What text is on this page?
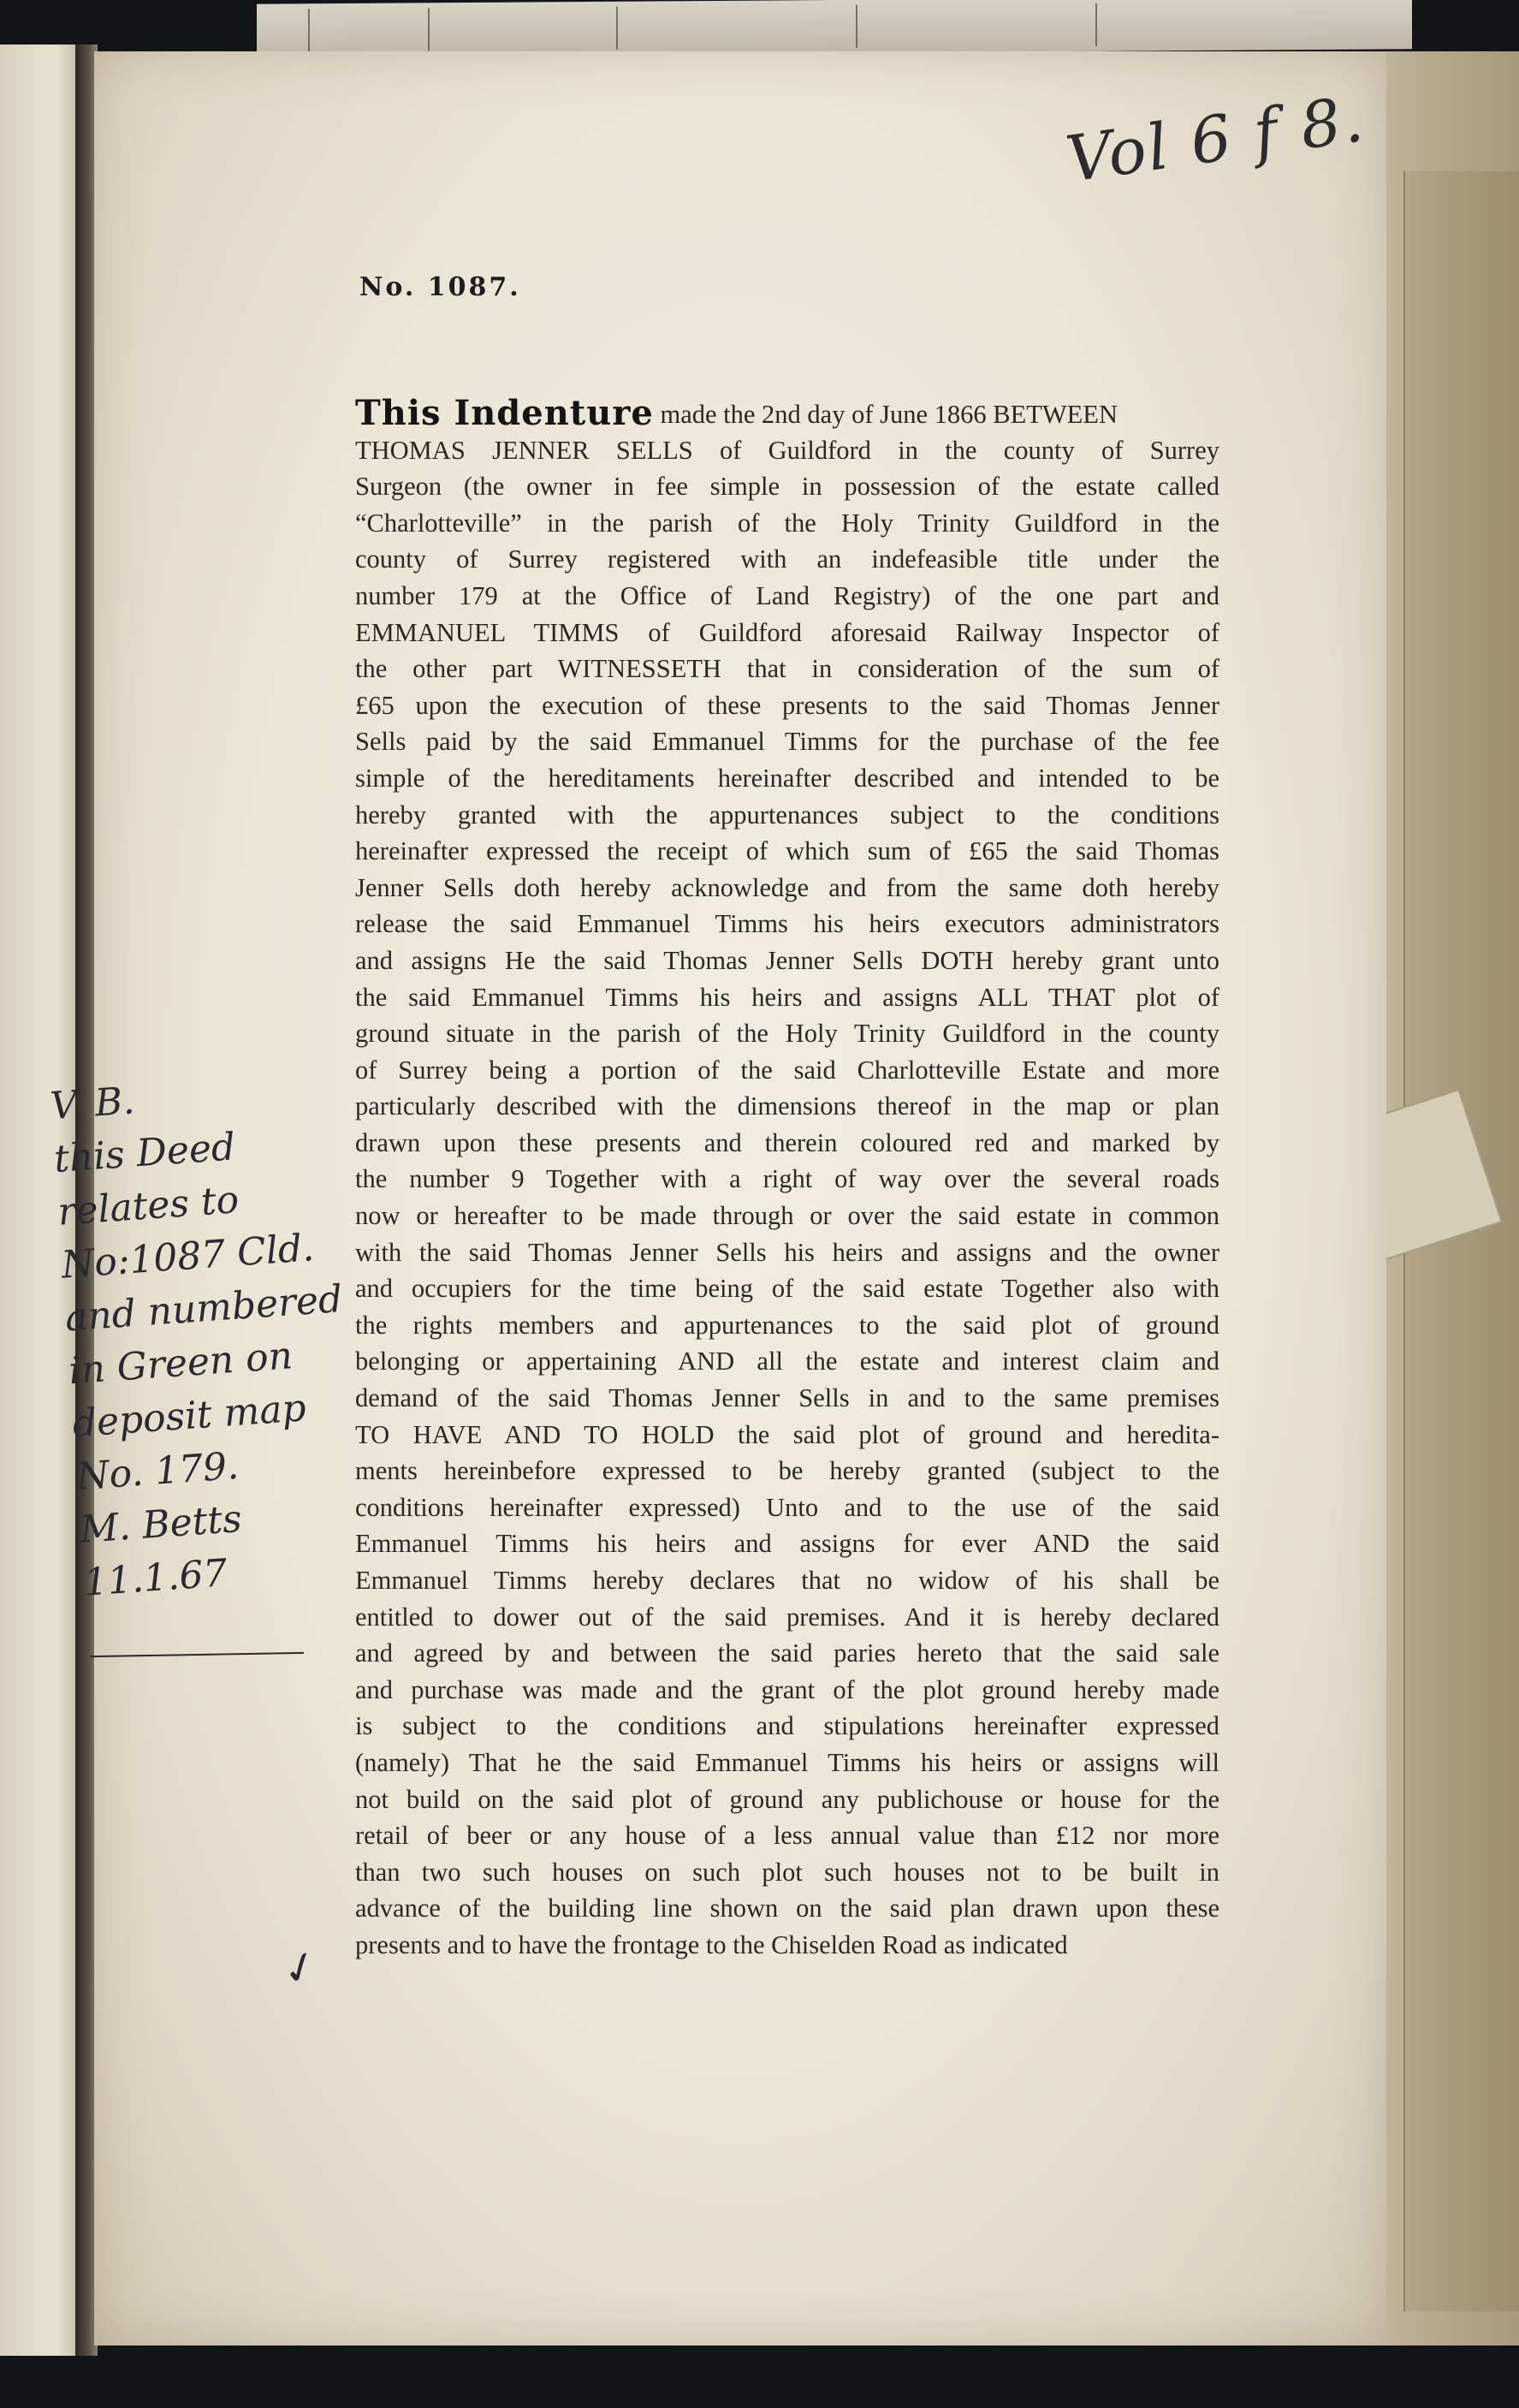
Vol 6 f 8.
No. 1087.
This Indenture made the 2nd day of June 1866 BETWEEN
THOMAS JENNER SELLS of Guildford in the county of Surrey
Surgeon (the owner in fee simple in possession of the estate called
“Charlotteville” in the parish of the Holy Trinity Guildford in the
county of Surrey registered with an indefeasible title under the
number 179 at the Office of Land Registry) of the one part and
EMMANUEL TIMMS of Guildford aforesaid Railway Inspector of
the other part WITNESSETH that in consideration of the sum of
£65 upon the execution of these presents to the said Thomas Jenner
Sells paid by the said Emmanuel Timms for the purchase of the fee
simple of the hereditaments hereinafter described and intended to be
hereby granted with the appurtenances subject to the conditions
hereinafter expressed the receipt of which sum of £65 the said Thomas
Jenner Sells doth hereby acknowledge and from the same doth hereby
release the said Emmanuel Timms his heirs executors administrators
and assigns He the said Thomas Jenner Sells DOTH hereby grant unto
the said Emmanuel Timms his heirs and assigns ALL THAT plot of
ground situate in the parish of the Holy Trinity Guildford in the county
of Surrey being a portion of the said Charlotteville Estate and more
particularly described with the dimensions thereof in the map or plan
drawn upon these presents and therein coloured red and marked by
the number 9 Together with a right of way over the several roads
now or hereafter to be made through or over the said estate in common
with the said Thomas Jenner Sells his heirs and assigns and the owner
and occupiers for the time being of the said estate Together also with
the rights members and appurtenances to the said plot of ground
belonging or appertaining AND all the estate and interest claim and
demand of the said Thomas Jenner Sells in and to the same premises
TO HAVE AND TO HOLD the said plot of ground and heredita-
ments hereinbefore expressed to be hereby granted (subject to the
conditions hereinafter expressed) Unto and to the use of the said
Emmanuel Timms his heirs and assigns for ever AND the said
Emmanuel Timms hereby declares that no widow of his shall be
entitled to dower out of the said premises. And it is hereby declared
and agreed by and between the said paries hereto that the said sale
and purchase was made and the grant of the plot ground hereby made
is subject to the conditions and stipulations hereinafter expressed
(namely) That he the said Emmanuel Timms his heirs or assigns will
not build on the said plot of ground any publichouse or house for the
retail of beer or any house of a less annual value than £12 nor more
than two such houses on such plot such houses not to be built in
advance of the building line shown on the said plan drawn upon these
presents and to have the frontage to the Chiselden Road as indicated
V. B.
this Deed
relates to
No:1087 Cld.
and numbered
in Green on
deposit map
No. 179.
M. Betts
11.1.67
✓
